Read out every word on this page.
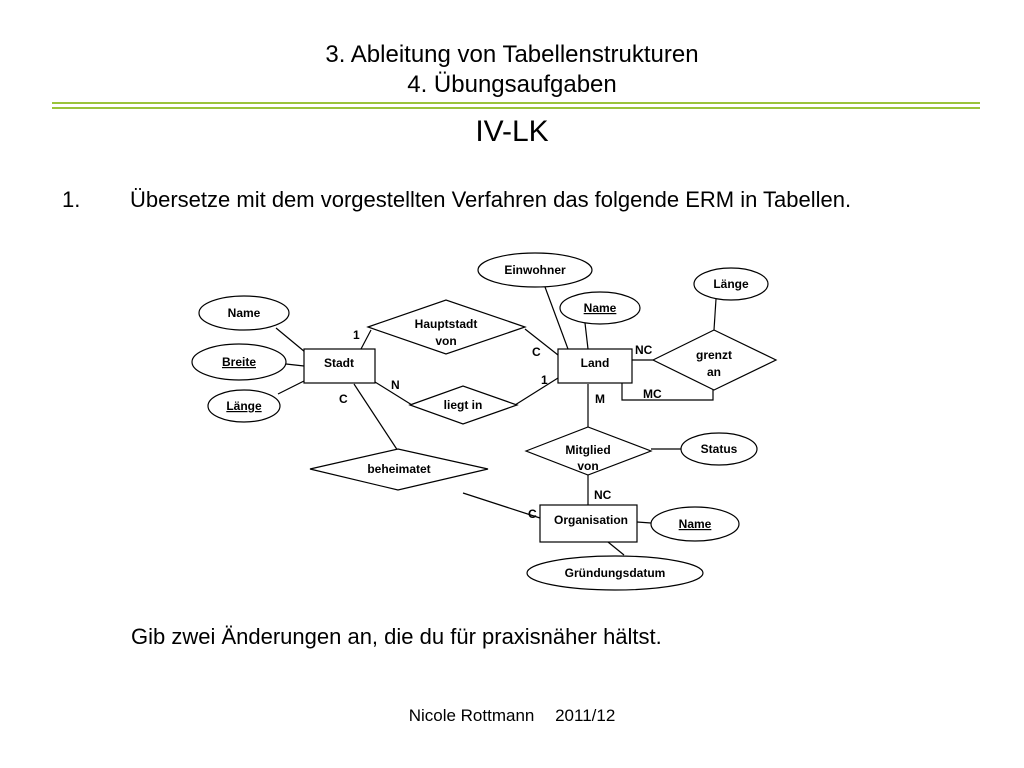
3. Ableitung von Tabellenstrukturen
4. Übungsaufgaben
IV-LK
1. Übersetze mit dem vorgestellten Verfahren das folgende ERM in Tabellen.
Name
Breite
Länge
Einwohner
Name
Länge
Status
Name
Gründungsdatum
Hauptstadt
von
liegt in
beheimatet
grenzt
an
Mitglied
von
Stadt	Land
Organisation
1
C
N	1
C
NC
MC
M
NC
C
Gib zwei Änderungen an, die du für praxisnäher hältst.
Nicole Rottmann 2011/12
